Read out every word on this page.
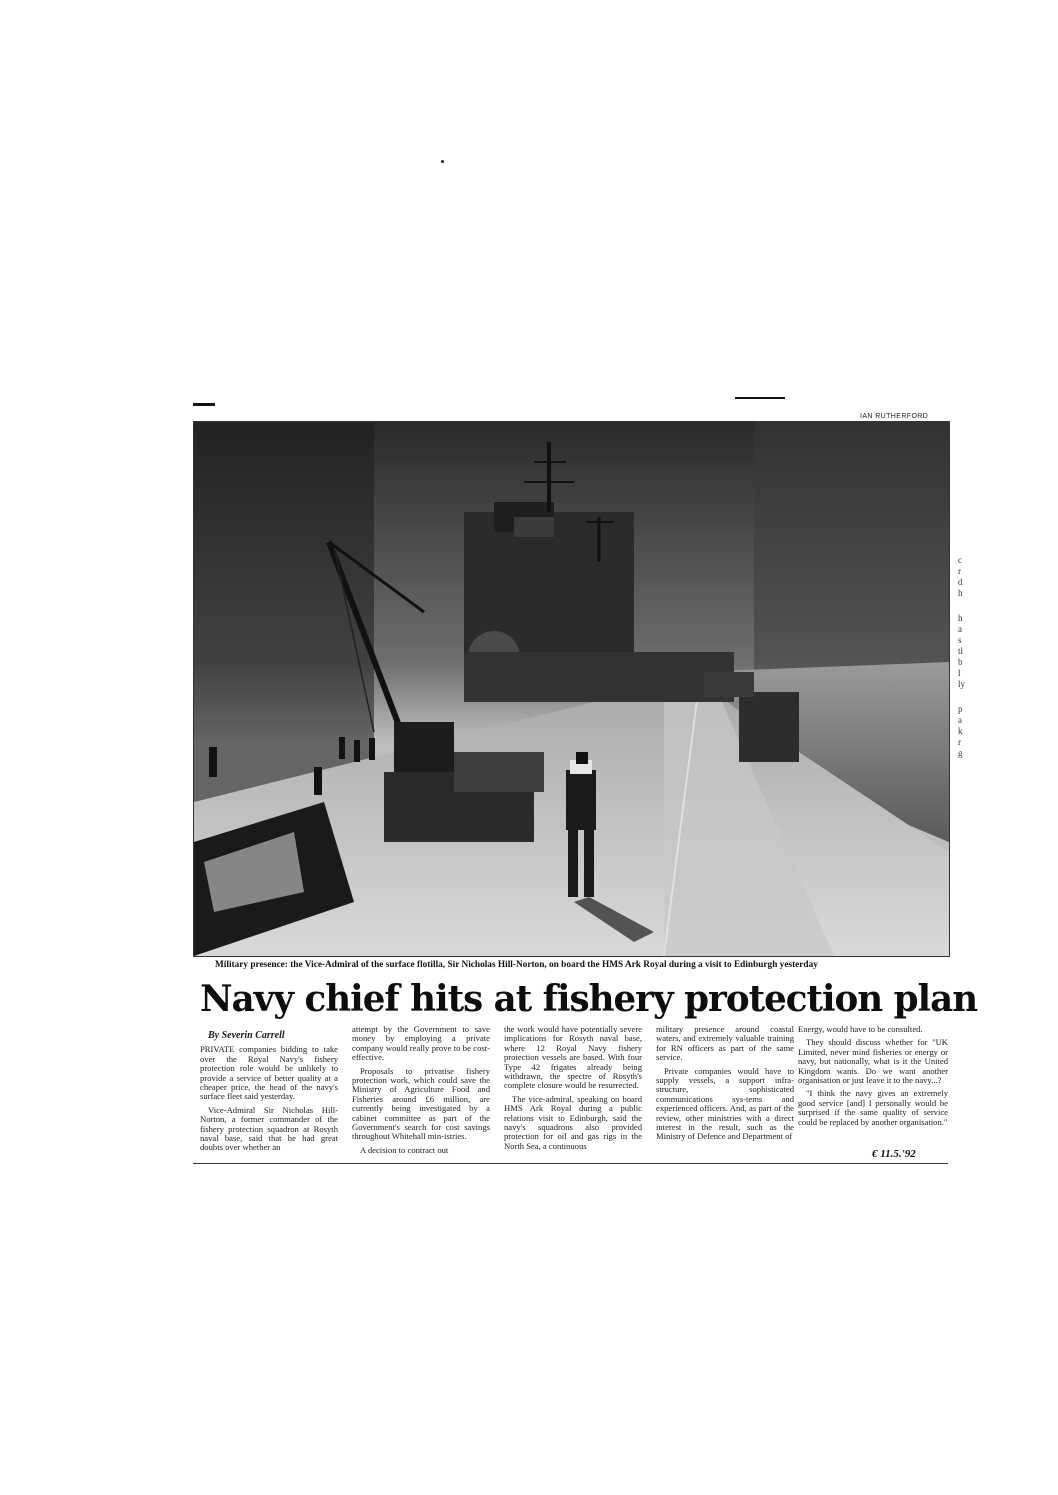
IAN RUTHERFORD
Military presence: the Vice-Admiral of the surface flotilla, Sir Nicholas Hill-Norton, on board the HMS Ark Royal during a visit to Edinburgh yesterday
Navy chief hits at fishery protection plan
By Severin Carrell

PRIVATE companies bidding to take over the Royal Navy's fishery protection role would be unlikely to provide a service of better quality at a cheaper price, the head of the navy's surface fleet said yesterday.

Vice-Admiral Sir Nicholas Hill-Norton, a former commander of the fishery protection squadron at Rosyth naval base, said that he had great doubts over whether an

attempt by the Government to save money by employing a private company would really prove to be cost-effective.

Proposals to privatise fishery protection work, which could save the Ministry of Agriculture Food and Fisheries around £6 million, are currently being investigated by a cabinet committee as part of the Government's search for cost savings throughout Whitehall min-istries.

A decision to contract out

the work would have potentially severe implications for Rosyth naval base, where 12 Royal Navy fishery protection vessels are based. With four Type 42 frigates already being withdrawn, the spectre of Rosyth's complete closure would be resurrected.

The vice-admiral, speaking on board HMS Ark Royal during a public relations visit to Edinburgh, said the navy's squadrons also provided protection for oil and gas rigs in the North Sea, a continuous

military presence around coastal waters, and extremely valuable training for RN officers as part of the same service.

Private companies would have to supply vessels, a support infra-structure, sophisticated communications sys-tems and experienced officers. And, as part of the review, other ministries with a direct interest in the result, such as the Ministry of Defence and Department of

Energy, would have to be consulted.

They should discuss whether for "UK Limited, never mind fisheries or energy or navy, but nationally, what is it the United Kingdom wants. Do we want another organisation or just leave it to the navy...?

"I think the navy gives an extremely good service [and] I personally would be surprised if the same quality of service could be replaced by another organisation."

€ 11.5.'92
c
r
d
h
h
a
s
tl
b
l
ly
p
a
k
r
g
